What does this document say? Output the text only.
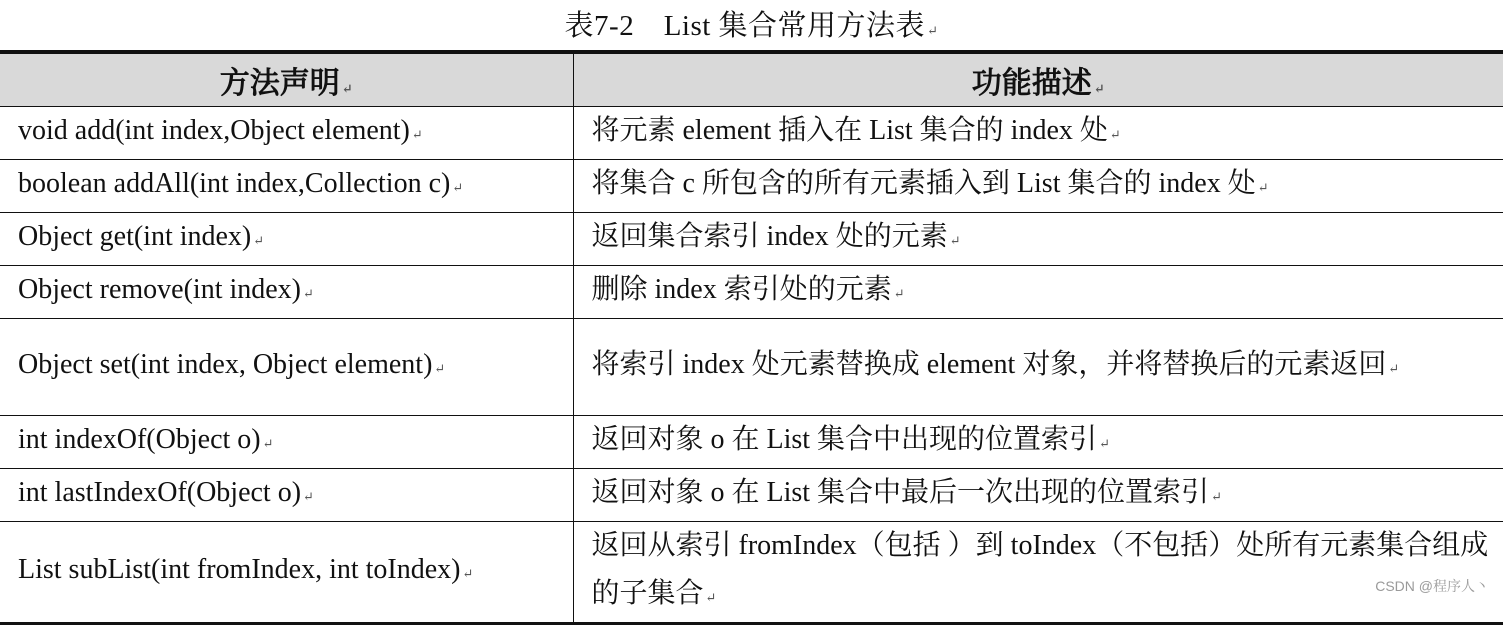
表7-2　List 集合常用方法表 ↵
方法声明 ↵	功能描述 ↵
void add(int index,Object element) ↵	将元素 element 插入在 List 集合的 index 处 ↵
boolean addAll(int index,Collection c) ↵	将集合 c 所包含的所有元素插入到 List 集合的 index 处 ↵
Object get(int index) ↵	返回集合索引 index 处的元素 ↵
Object remove(int index) ↵	删除 index 索引处的元素 ↵
Object set(int index, Object element) ↵	将索引 index 处元素替换成 element 对象，并将替换后的元素返回 ↵
int indexOf(Object o) ↵	返回对象 o 在 List 集合中出现的位置索引 ↵
int lastIndexOf(Object o) ↵	返回对象 o 在 List 集合中最后一次出现的位置索引 ↵
List subList(int fromIndex, int toIndex) ↵	返回从索引 fromIndex（包括 ）到 toIndex（不包括）处所有元素集合组成的子集合 ↵
CSDN @程序人丶
